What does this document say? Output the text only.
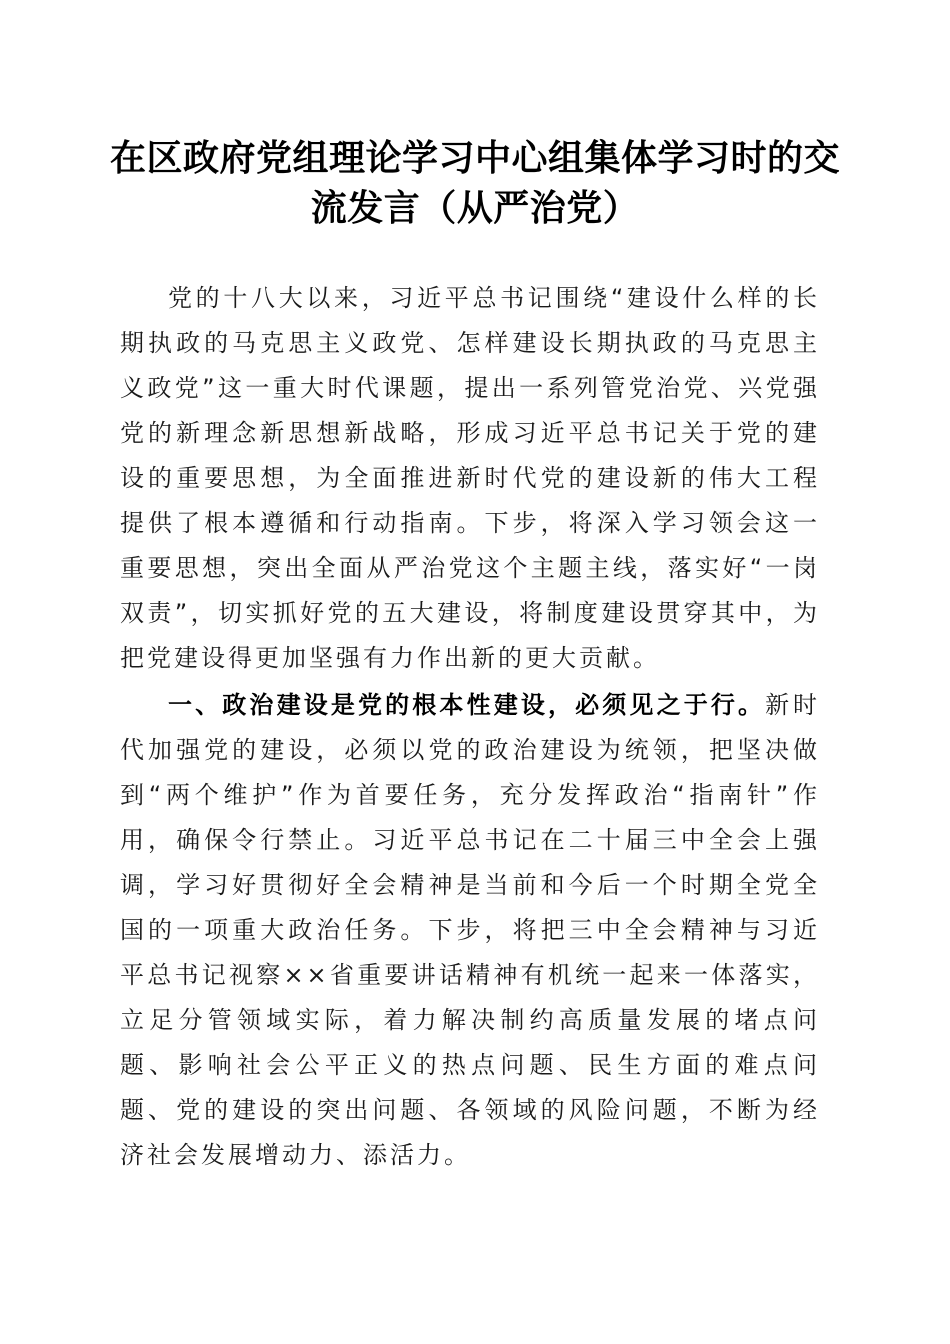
在区政府党组理论学习中心组集体学习时的交流发言（从严治党）

党的十八大以来，习近平总书记围绕“建设什么样的长期执政的马克思主义政党、怎样建设长期执政的马克思主义政党”这一重大时代课题，提出一系列管党治党、兴党强党的新理念新思想新战略，形成习近平总书记关于党的建设的重要思想，为全面推进新时代党的建设新的伟大工程提供了根本遵循和行动指南。下步，将深入学习领会这一重要思想，突出全面从严治党这个主题主线，落实好“一岗双责”，切实抓好党的五大建设，将制度建设贯穿其中，为把党建设得更加坚强有力作出新的更大贡献。

一、政治建设是党的根本性建设，必须见之于行。新时代加强党的建设，必须以党的政治建设为统领，把坚决做到“两个维护”作为首要任务，充分发挥政治“指南针”作用，确保令行禁止。习近平总书记在二十届三中全会上强调，学习好贯彻好全会精神是当前和今后一个时期全党全国的一项重大政治任务。下步，将把三中全会精神与习近平总书记视察××省重要讲话精神有机统一起来一体落实，立足分管领域实际，着力解决制约高质量发展的堵点问题、影响社会公平正义的热点问题、民生方面的难点问题、党的建设的突出问题、各领域的风险问题，不断为经济社会发展增动力、添活力。
